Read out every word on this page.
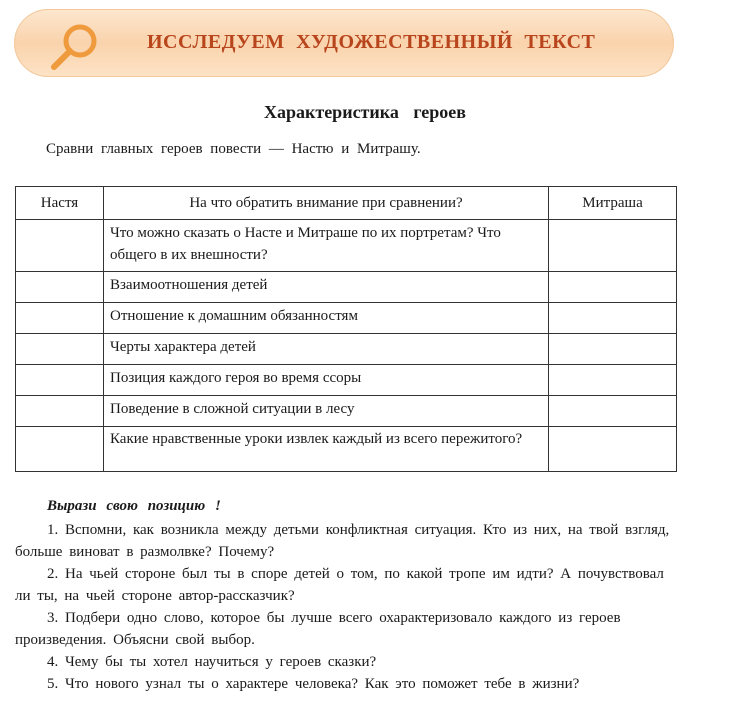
ИССЛЕДУЕМ ХУДОЖЕСТВЕННЫЙ ТЕКСТ
Характеристика героев
Сравни главных героев повести — Настю и Митрашу.
Настя	На что обратить внимание при сравнении?	Митраша
	Что можно сказать о Насте и Митраше по их портретам? Что общего в их внешности?	
	Взаимоотношения детей	
	Отношение к домашним обязанностям	
	Черты характера детей	
	Позиция каждого героя во время ссоры	
	Поведение в сложной ситуации в лесу	
	Какие нравственные уроки извлек каждый из всего пережитого?	
Вырази свою позицию !

1. Вспомни, как возникла между детьми конфликтная ситуация. Кто из них, на твой взгляд, больше виноват в размолвке? Почему?

2. На чьей стороне был ты в споре детей о том, по какой тропе им идти? А почувствовал ли ты, на чьей стороне автор-рассказчик?

3. Подбери одно слово, которое бы лучше всего охарактеризовало каждого из героев произведения. Объясни свой выбор.

4. Чему бы ты хотел научиться у героев сказки?

5. Что нового узнал ты о характере человека? Как это поможет тебе в жизни?
